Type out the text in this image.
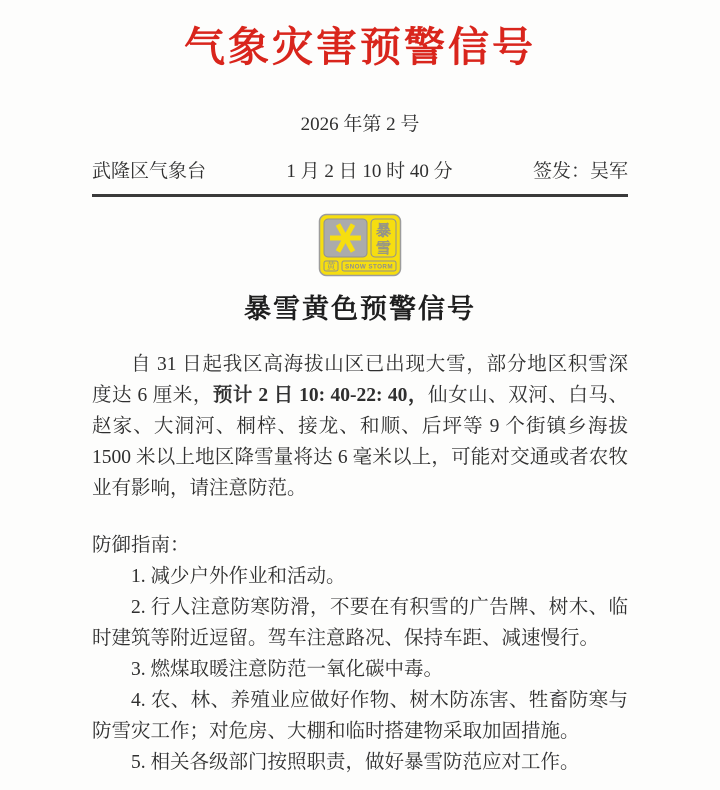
气象灾害预警信号
2026 年第 2 号
武隆区气象台	1 月 2 日 10 时 40 分	签发：吴军
暴
雪
黄 SNOW STORM
暴雪黄色预警信号

自 31 日起我区高海拔山区已出现大雪，部分地区积雪深度达 6 厘米，预计 2 日 10: 40-22: 40，仙女山、双河、白马、赵家、大洞河、桐梓、接龙、和顺、后坪等 9 个街镇乡海拔 1500 米以上地区降雪量将达 6 毫米以上，可能对交通或者农牧业有影响，请注意防范。

防御指南：
1. 减少户外作业和活动。
2. 行人注意防寒防滑，不要在有积雪的广告牌、树木、临时建筑等附近逗留。驾车注意路况、保持车距、减速慢行。
3. 燃煤取暖注意防范一氧化碳中毒。
4. 农、林、养殖业应做好作物、树木防冻害、牲畜防寒与防雪灾工作；对危房、大棚和临时搭建物采取加固措施。
5. 相关各级部门按照职责，做好暴雪防范应对工作。
